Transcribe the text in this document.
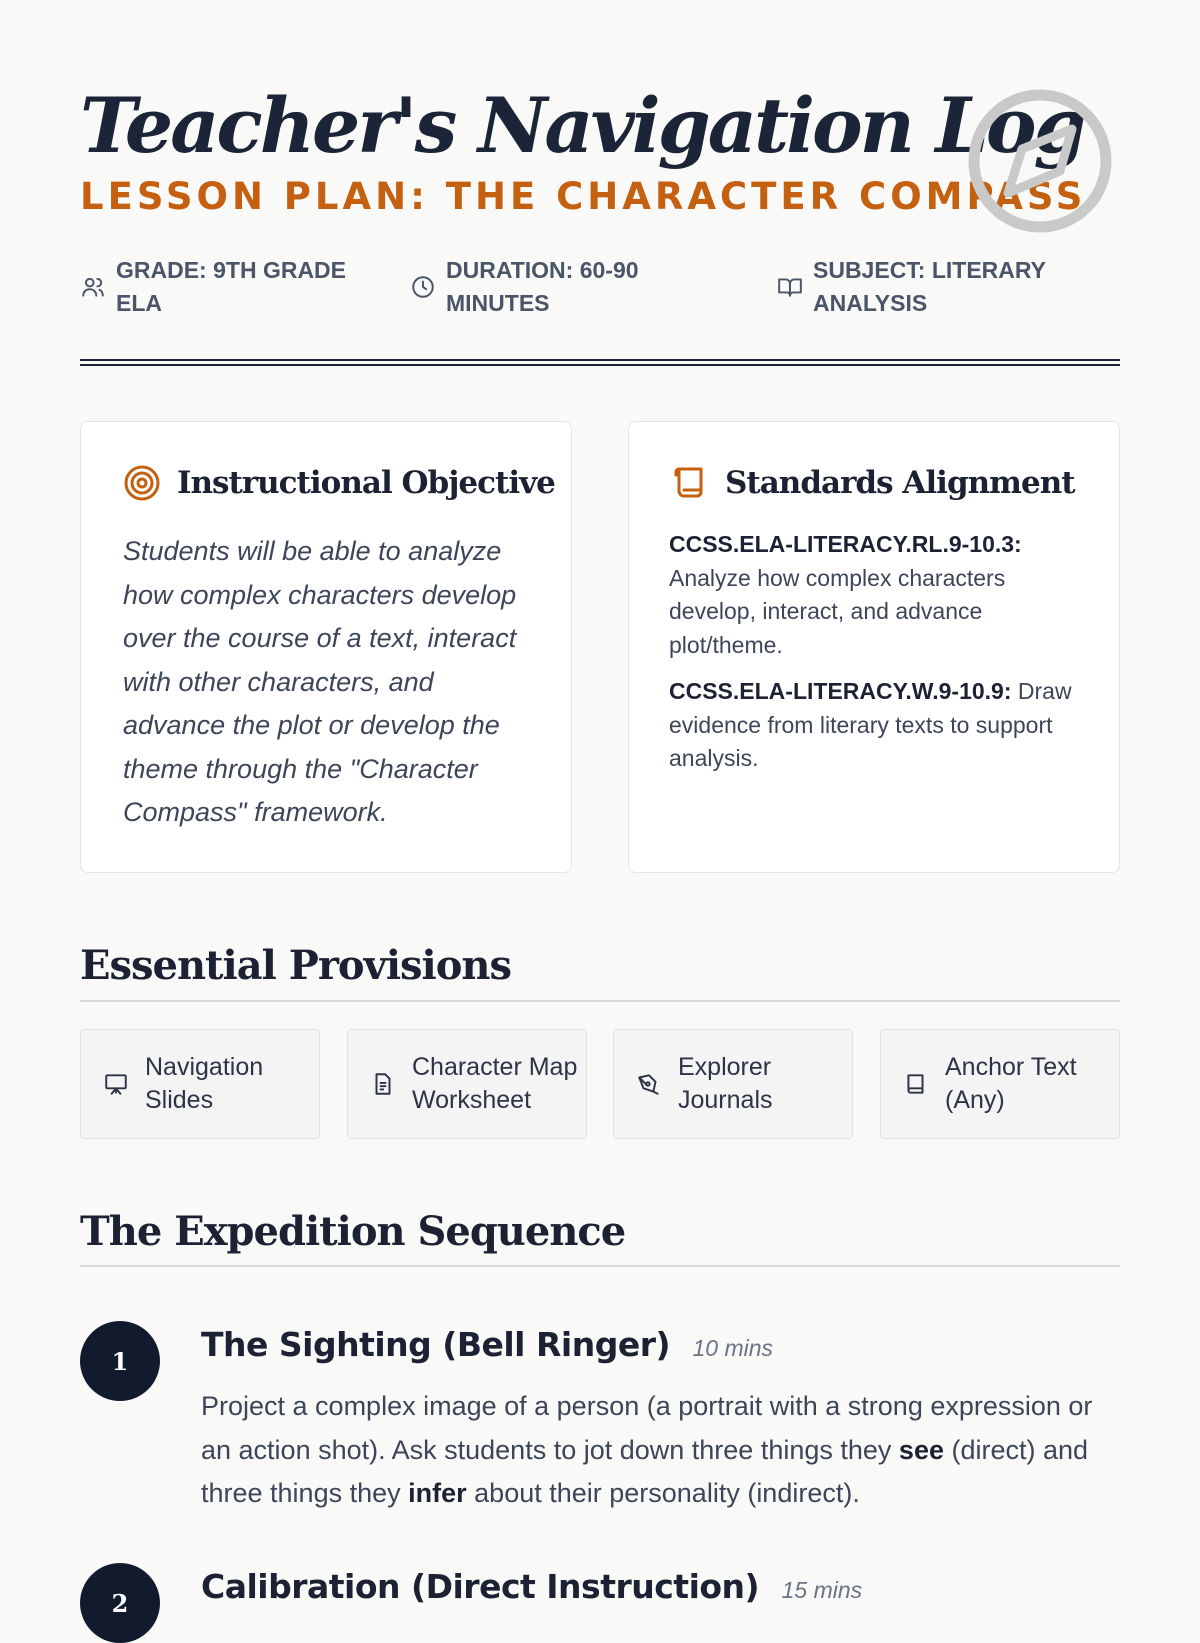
Teacher's Navigation Log
LESSON PLAN: THE CHARACTER COMPASS
GRADE: 9TH GRADE ELA
DURATION: 60-90 MINUTES
SUBJECT: LITERARY ANALYSIS
Instructional Objective

Students will be able to analyze how complex characters develop over the course of a text, interact with other characters, and advance the plot or develop the theme through the "Character Compass" framework.

Standards Alignment

CCSS.ELA-LITERACY.RL.9-10.3: Analyze how complex characters develop, interact, and advance plot/theme.

CCSS.ELA-LITERACY.W.9-10.9: Draw evidence from literary texts to support analysis.

Essential Provisions
Navigation Slides
Character Map Worksheet
Explorer Journals
Anchor Text (Any)
The Expedition Sequence
1	The Sighting (Bell Ringer) 10 mins

Project a complex image of a person (a portrait with a strong expression or an action shot). Ask students to jot down three things they see (direct) and three things they infer about their personality (indirect).

2	Calibration (Direct Instruction) 15 mins
